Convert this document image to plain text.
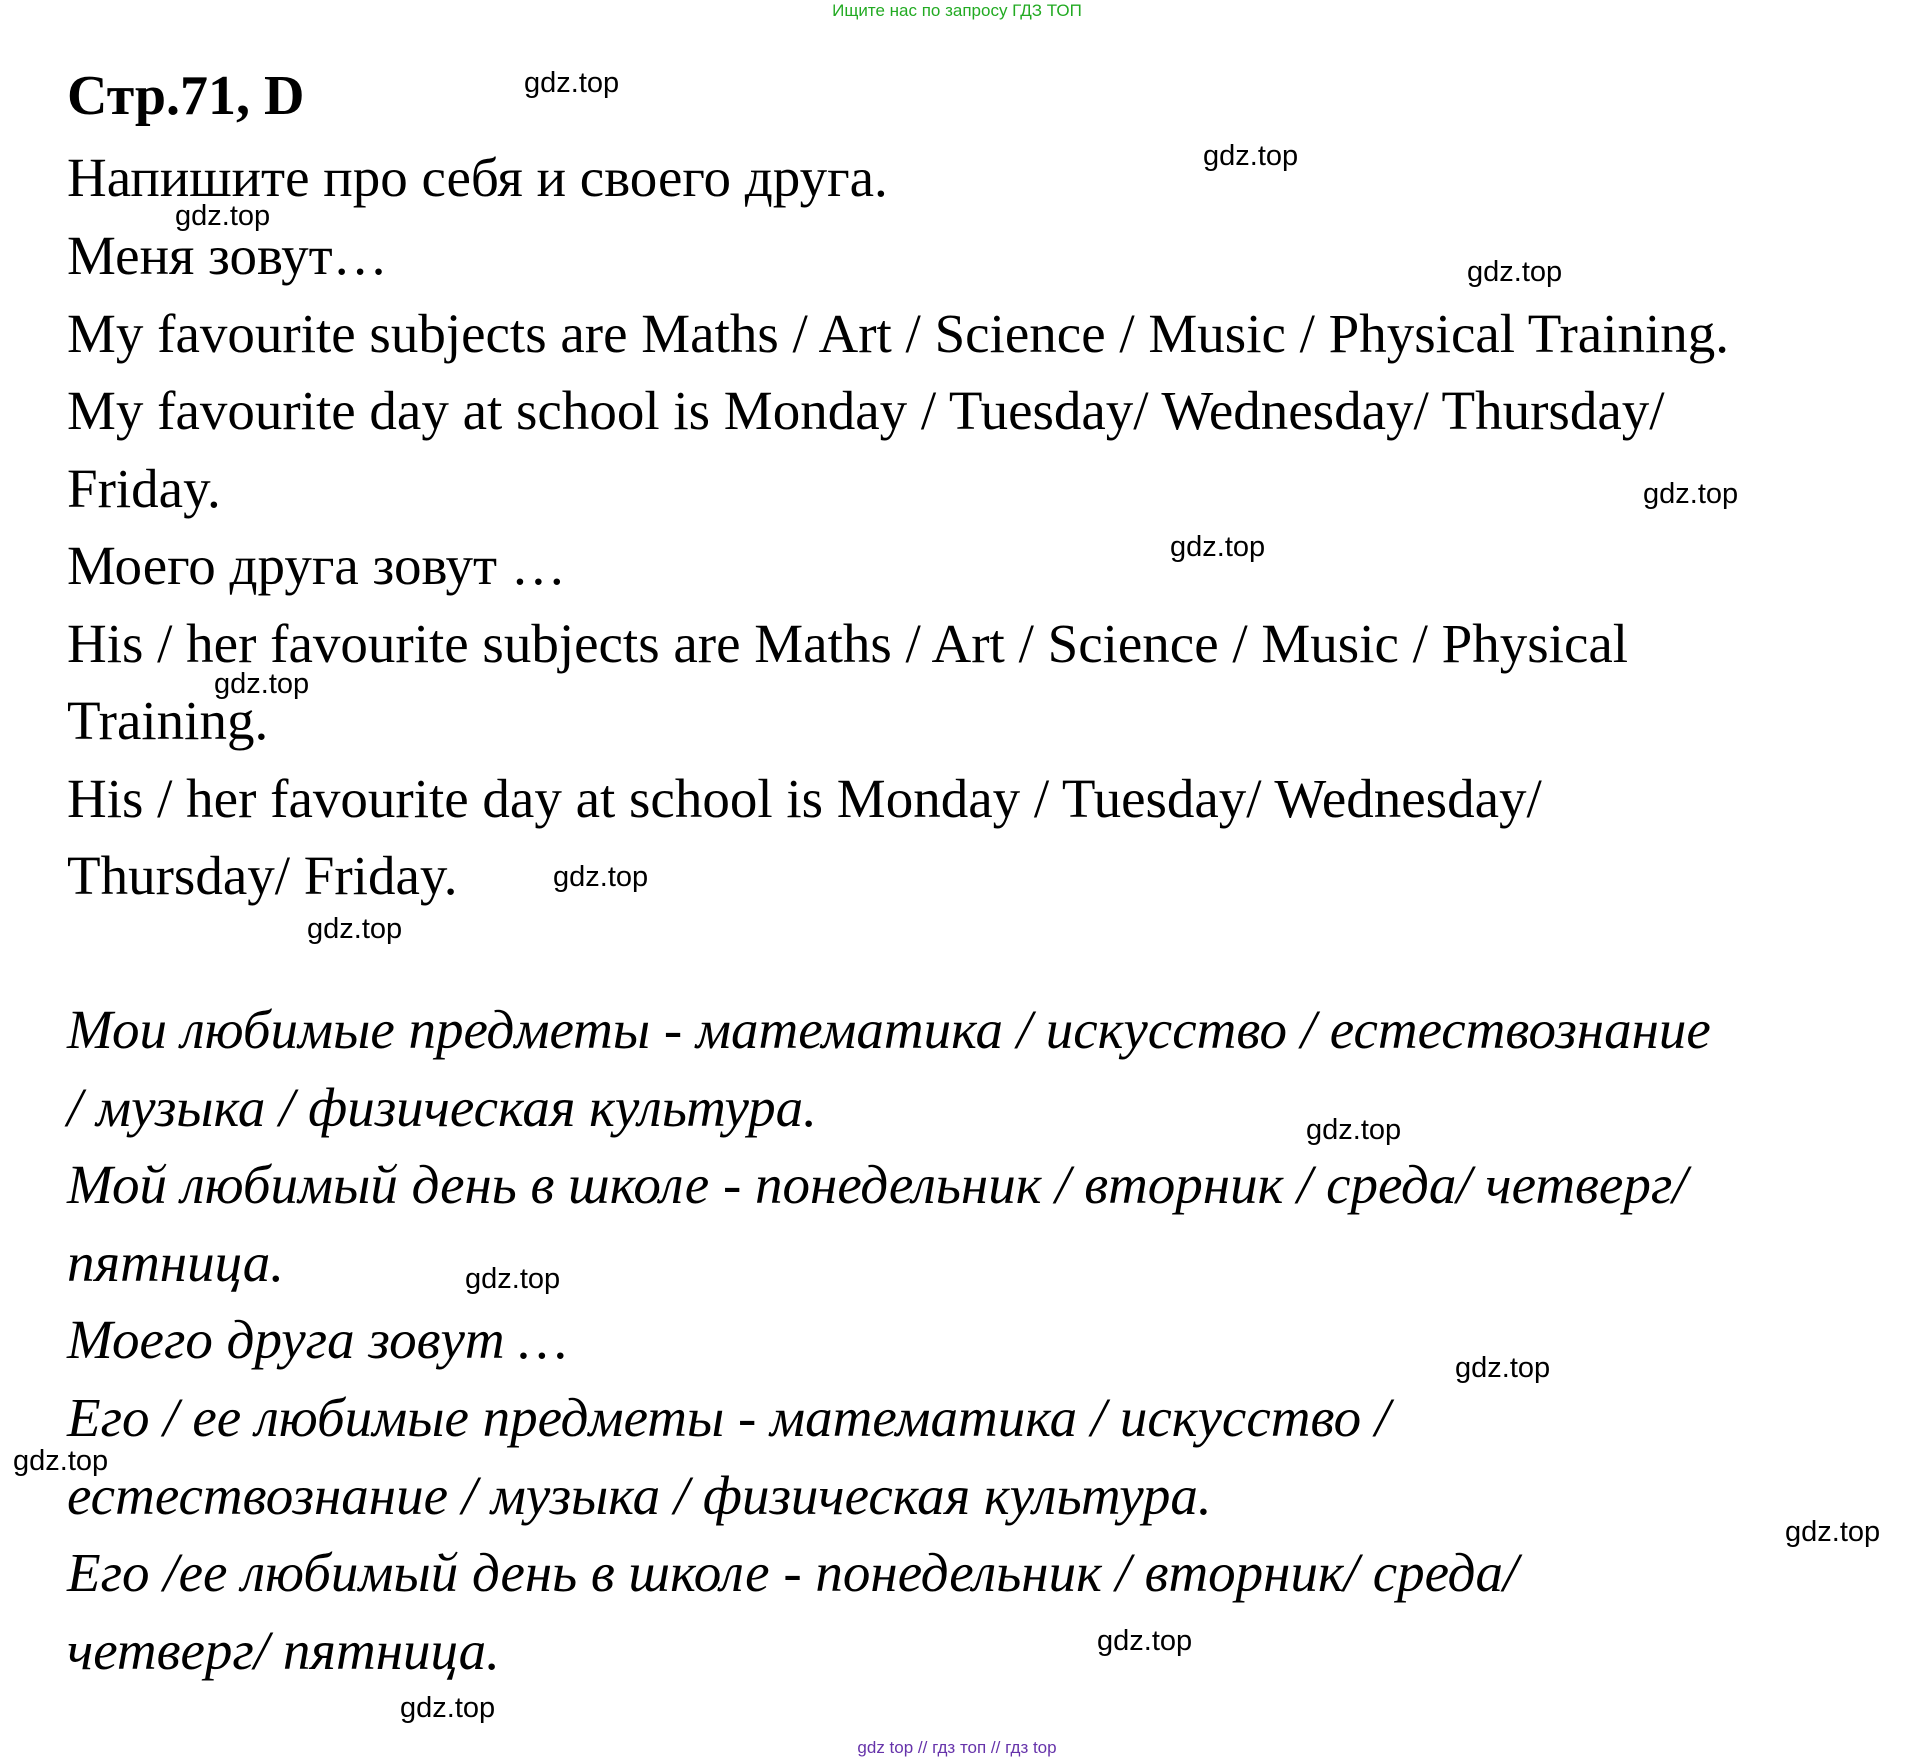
Ищите нас по запросу ГДЗ ТОП
Стр.71, D
Напишите про себя и своего друга.
Меня зовут…
My favourite subjects are Maths / Art / Science / Music / Physical Training.
My favourite day at school is Monday / Tuesday/ Wednesday/ Thursday/
Friday.
Моего друга зовут …
His / her favourite subjects are Maths / Art / Science / Music / Physical
Training.
His / her favourite day at school is Monday / Tuesday/ Wednesday/
Thursday/ Friday.
Мои любимые предметы - математика / искусство / естествознание
/ музыка / физическая культура.
Мой любимый день в школе - понедельник / вторник / среда/ четверг/
пятница.
Моего друга зовут …
Его / ее любимые предметы - математика / искусство /
естествознание / музыка / физическая культура.
Его /ее любимый день в школе - понедельник / вторник/ среда/
четверг/ пятница.
gdz.top
gdz.top
gdz.top
gdz.top
gdz.top
gdz.top
gdz.top
gdz.top
gdz.top
gdz.top
gdz.top
gdz.top
gdz.top
gdz.top
gdz.top
gdz.top
gdz top // гдз топ // гдз top
